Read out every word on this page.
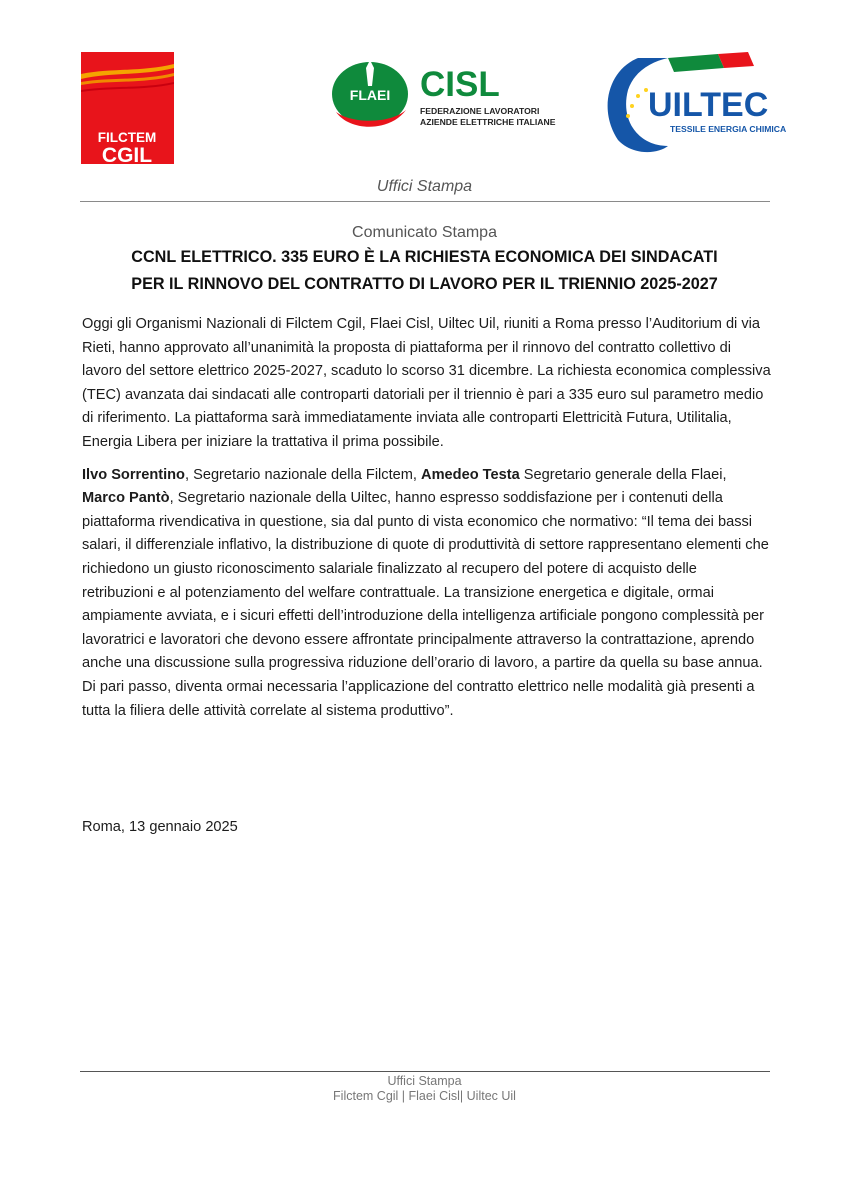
FILCTEM
CGIL
FLAEI CISL
FEDERAZIONE LAVORATORI
AZIENDE ELETTRICHE ITALIANE	UILTEC
TESSILE ENERGIA CHIMICA
Uffici Stampa
Comunicato Stampa
CCNL ELETTRICO. 335 EURO È LA RICHIESTA ECONOMICA DEI SINDACATI
PER IL RINNOVO DEL CONTRATTO DI LAVORO PER IL TRIENNIO 2025-2027

Oggi gli Organismi Nazionali di Filctem Cgil, Flaei Cisl, Uiltec Uil, riuniti a Roma presso l’Auditorium di via Rieti, hanno approvato all’unanimità la proposta di piattaforma per il rinnovo del contratto collettivo di lavoro del settore elettrico 2025-2027, scaduto lo scorso 31 dicembre. La richiesta economica complessiva (TEC) avanzata dai sindacati alle controparti datoriali per il triennio è pari a 335 euro sul parametro medio di riferimento. La piattaforma sarà immediatamente inviata alle controparti Elettricità Futura, Utilitalia, Energia Libera per iniziare la trattativa il prima possibile.

Ilvo Sorrentino, Segretario nazionale della Filctem, Amedeo Testa Segretario generale della Flaei, Marco Pantò, Segretario nazionale della Uiltec, hanno espresso soddisfazione per i contenuti della piattaforma rivendicativa in questione, sia dal punto di vista economico che normativo: “Il tema dei bassi salari, il differenziale inflativo, la distribuzione di quote di produttività di settore rappresentano elementi che richiedono un giusto riconoscimento salariale finalizzato al recupero del potere di acquisto delle retribuzioni e al potenziamento del welfare contrattuale. La transizione energetica e digitale, ormai ampiamente avviata, e i sicuri effetti dell’introduzione della intelligenza artificiale pongono complessità per lavoratrici e lavoratori che devono essere affrontate principalmente attraverso la contrattazione, aprendo anche una discussione sulla progressiva riduzione dell’orario di lavoro, a partire da quella su base annua. Di pari passo, diventa ormai necessaria l’applicazione del contratto elettrico nelle modalità già presenti a tutta la filiera delle attività correlate al sistema produttivo”.

Roma, 13 gennaio 2025
Uffici Stampa
Filctem Cgil | Flaei Cisl| Uiltec Uil
